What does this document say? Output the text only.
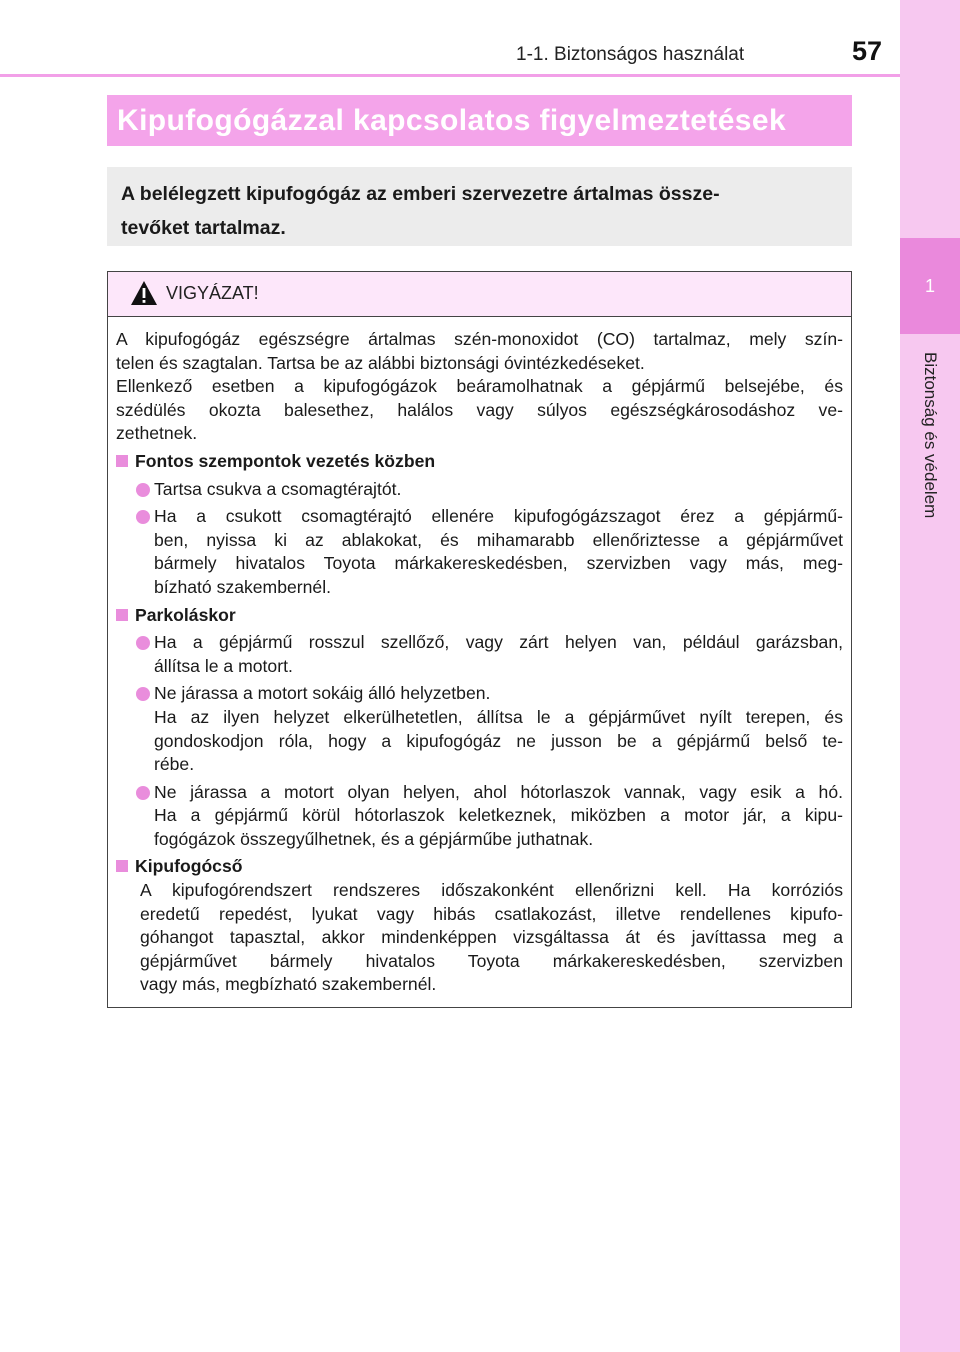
1-1. Biztonságos használat	57
1
Biztonság és védelem
Kipufogógázzal kapcsolatos figyelmeztetések
A belélegzett kipufogógáz az emberi szervezetre ártalmas össze-
tevőket tartalmaz.
VIGYÁZAT!
A kipufogógáz egészségre ártalmas szén-monoxidot (CO) tartalmaz, mely szín-
telen és szagtalan. Tartsa be az alábbi biztonsági óvintézkedéseket.
Ellenkező esetben a kipufogógázok beáramolhatnak a gépjármű belsejébe, és
szédülés okozta balesethez, halálos vagy súlyos egészségkárosodáshoz ve-
zethetnek.
Fontos szempontok vezetés közben
Tartsa csukva a csomagtérajtót.
Ha a csukott csomagtérajtó ellenére kipufogógázszagot érez a gépjármű-
ben, nyissa ki az ablakokat, és mihamarabb ellenőriztesse a gépjárművet
bármely hivatalos Toyota márkakereskedésben, szervizben vagy más, meg-
bízható szakembernél.
Parkoláskor
Ha a gépjármű rosszul szellőző, vagy zárt helyen van, például garázsban,
állítsa le a motort.
Ne járassa a motort sokáig álló helyzetben.
Ha az ilyen helyzet elkerülhetetlen, állítsa le a gépjárművet nyílt terepen, és
gondoskodjon róla, hogy a kipufogógáz ne jusson be a gépjármű belső te-
rébe.
Ne járassa a motort olyan helyen, ahol hótorlaszok vannak, vagy esik a hó.
Ha a gépjármű körül hótorlaszok keletkeznek, miközben a motor jár, a kipu-
fogógázok összegyűlhetnek, és a gépjárműbe juthatnak.
Kipufogócső
A kipufogórendszert rendszeres időszakonként ellenőrizni kell. Ha korróziós
eredetű repedést, lyukat vagy hibás csatlakozást, illetve rendellenes kipufo-
góhangot tapasztal, akkor mindenképpen vizsgáltassa át és javíttassa meg a
gépjárművet bármely hivatalos Toyota márkakereskedésben, szervizben
vagy más, megbízható szakembernél.
